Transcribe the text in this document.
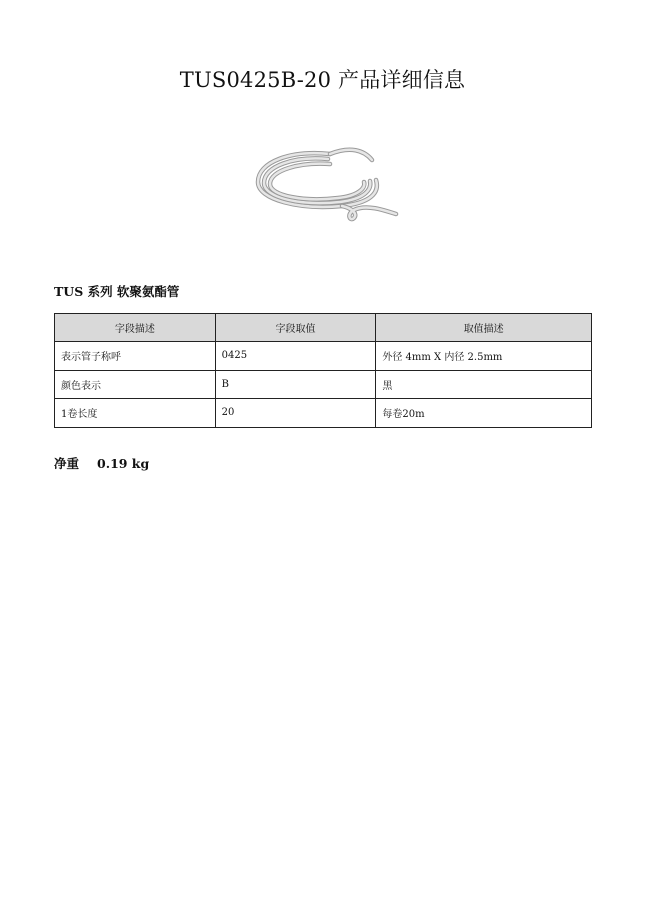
TUS0425B-20 产品详细信息
TUS 系列 软聚氨酯管
字段描述	字段取值	取值描述
表示管子称呼	0425	外径 4mm X 内径 2.5mm
颜色表示	B	黑
1卷长度	20	每卷20m
净重 0.19 kg
